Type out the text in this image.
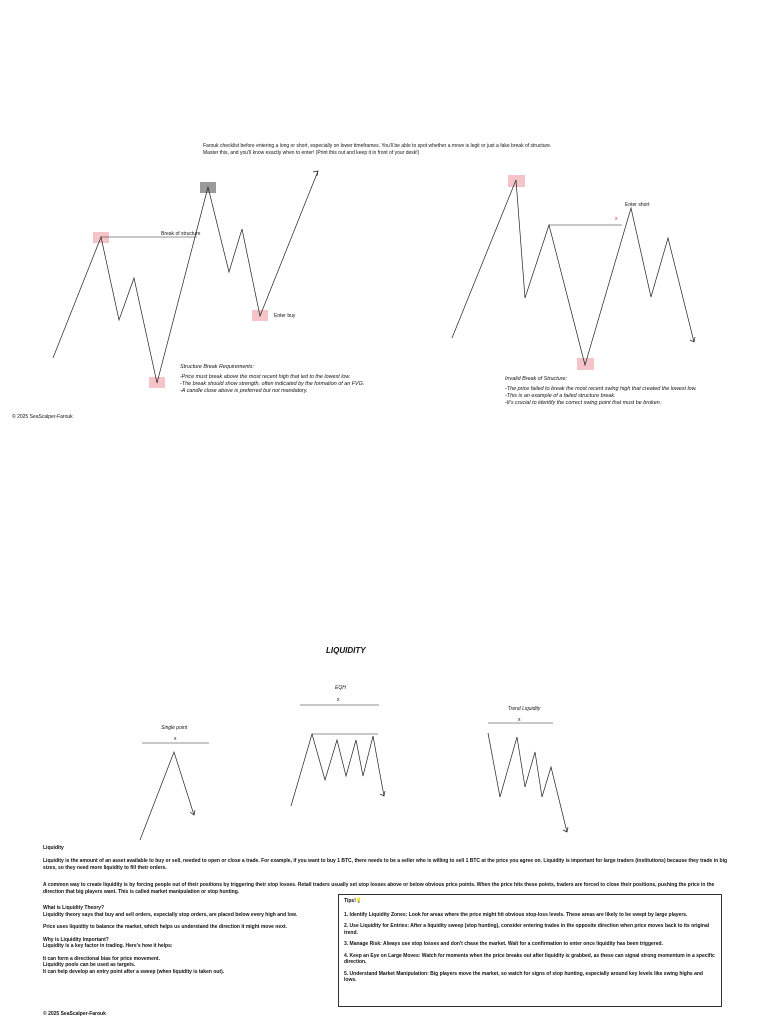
Farouk checklist before entering a long or short, especially on lower timeframes. You'll be able to spot whether a move is legit or just a fake break of structure.

Master this, and you'll know exactly when to enter! (Print this out and keep it in front of your desk!)

Break of structure
Enter buy

Structure Break Requirements:

-Price must break above the most recent high that led to the lowest low.

-The break should show strength, often indicated by the formation of an FVG.

-A candle close above is preferred but not mandatory.

Enter short
x

Invalid Break of Structure:

-The price failed to break the most recent swing high that created the lowest low.

-This is an example of a failed structure break.

-It's crucial to identify the correct swing point that must be broken.

© 2025 SeaScalper-Farouk
LIQUIDITY
Single point
x
EQH
x
Trend Liquidity
x
Liquidity
Liquidity is the amount of an asset available to buy or sell, needed to open or close a trade. For example, if you want to buy 1 BTC, there needs to be a seller who is willing to sell 1 BTC at the price you agree on. Liquidity is important for large traders (institutions) because they trade in big sizes, so they need more liquidity to fill their orders.
A common way to create liquidity is by forcing people out of their positions by triggering their stop losses. Retail traders usually set stop losses above or below obvious price points. When the price hits these points, traders are forced to close their positions, pushing the price in the direction that big players want. This is called market manipulation or stop hunting.

What is Liquidity Theory?

Liquidity theory says that buy and sell orders, especially stop orders, are placed below every high and low.

Price uses liquidity to balance the market, which helps us understand the direction it might move next.

Why is Liquidity Important?

Liquidity is a key factor in trading. Here's how it helps:

It can form a directional bias for price movement.

Liquidity pools can be used as targets.

It can help develop an entry point after a sweep (when liquidity is taken out).

Tips!💡

1. Identify Liquidity Zones: Look for areas where the price might hit obvious stop-loss levels. These areas are likely to be swept by large players.

2. Use Liquidity for Entries: After a liquidity sweep (stop hunting), consider entering trades in the opposite direction when price moves back to its original trend.

3. Manage Risk: Always use stop losses and don't chase the market. Wait for a confirmation to enter once liquidity has been triggered.

4. Keep an Eye on Large Moves: Watch for moments when the price breaks out after liquidity is grabbed, as these can signal strong momentum in a specific direction.

5. Understand Market Manipulation: Big players move the market, so watch for signs of stop hunting, especially around key levels like swing highs and lows.

© 2025 SeaScalper-Farouk
